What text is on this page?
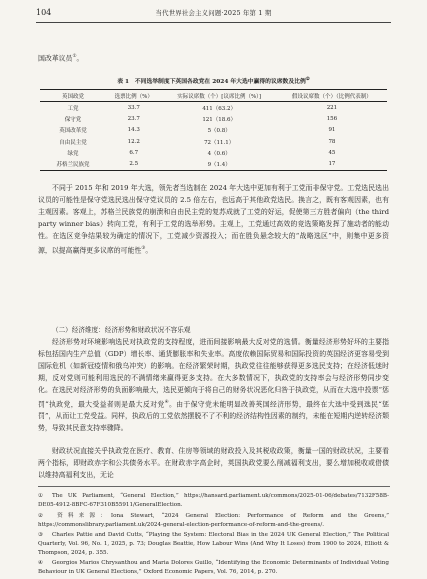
104	当代世界社会主义问题·2025 年第 1 期

国改革议员①。

表 1　不同选举制度下英国各政党在 2024 年大选中赢得的议席数及比例②
英国政党	选票比例（%）	实际议席数（个）[议席比例（%）]	假设议席数（个）（比例代表制）
工党	33.7	411（63.2）	221
保守党	23.7	121（18.6）	156
英国改革党	14.3	5（0.8）	91
自由民主党	12.2	72（11.1）	78
绿党	6.7	4（0.6）	45
苏格兰民族党	2.5	9（1.4）	17

不同于 2015 年和 2019 年大选，领先者当选制在 2024 年大选中更加有利于工党而非保守党。工党选民选出议员的可能性是保守党选民选出保守党议员的 2.5 倍左右，也远高于其他政党选民。换言之，既有客观因素，也有主观因素。客观上，苏格兰民族党的崩溃和自由民主党的复苏成就了工党的好运，促使第三方胜者偏向（the third party winner bias）转向工党，有利于工党的选举形势。主观上，工党通过高效的竞选策略发挥了施动者的能动性。在选区竞争结果较为确定的情况下，工党减少资源投入；而在胜负悬念较大的“战略选区”中，则集中更多资源，以提高赢得更多议席的可能性③。

（二）经济维度：经济形势和财政状况不容乐观

经济形势对环境影响选民对执政党的支持程度，进而间接影响最大反对党的选情。衡量经济形势好坏的主要指标包括国内生产总值（GDP）增长率、通货膨胀率和失业率。高度依赖国际贸易和国际投资的英国经济更容易受到国际危机（如新冠疫情和俄乌冲突）的影响。在经济繁荣时期，执政党往往能够获得更多选民支持；在经济低迷时期，反对党则可能利用选民的不满情绪来赢得更多支持。在大多数情况下，执政党的支持率会与经济形势同步变化。在选民对经济形势的负面影响最大，选民更倾向于将自己的财务状况恶化归咎于执政党，从而在大选中投票“惩罚”执政党，最大受益者则是最大反对党④。由于保守党未能明显改善英国经济形势，最终在大选中受到选民“惩罚”，从而让工党受益。同样，执政后的工党依然摆脱不了不利的经济结构性因素的制约，未能在短期内逆转经济颓势，导致其民意支持率骤降。

财政状况直接关乎执政党在医疗、教育、住房等领域的财政投入及其税收政策，衡量一国的财政状况，主要看两个指标，即财政赤字和公共债务水平。在财政赤字高企时，英国执政党要么削减福利支出，要么增加税收或借债以维持高福利支出，无论

① The UK Parliament, “General Election,” https://hansard.parliament.uk/commons/2025-01-06/debates/7132F58B-DE05-4912-8BFC-67F310B55911/GeneralElection.

② 资料来源：Iona Stewart, “2024 General Election: Performance of Reform and the Greens,” https://commonslibrary.parliament.uk/2024-general-election-performance-of-reform-and-the-greens/.

③ Charles Pattie and David Cutts, “Playing the System: Electoral Bias in the 2024 UK General Election,” The Political Quarterly, Vol. 96, No. 1, 2025, p. 73; Douglas Beattie, How Labour Wins (And Why It Loses) from 1900 to 2024, Elliott & Thompson, 2024, p. 355.

④ Georgios Marios Chrysanthou and Maria Dolores Guillo, “Identifying the Economic Determinants of Individual Voting Behaviour in UK General Elections,” Oxford Economic Papers, Vol. 76, 2014, p. 270.
